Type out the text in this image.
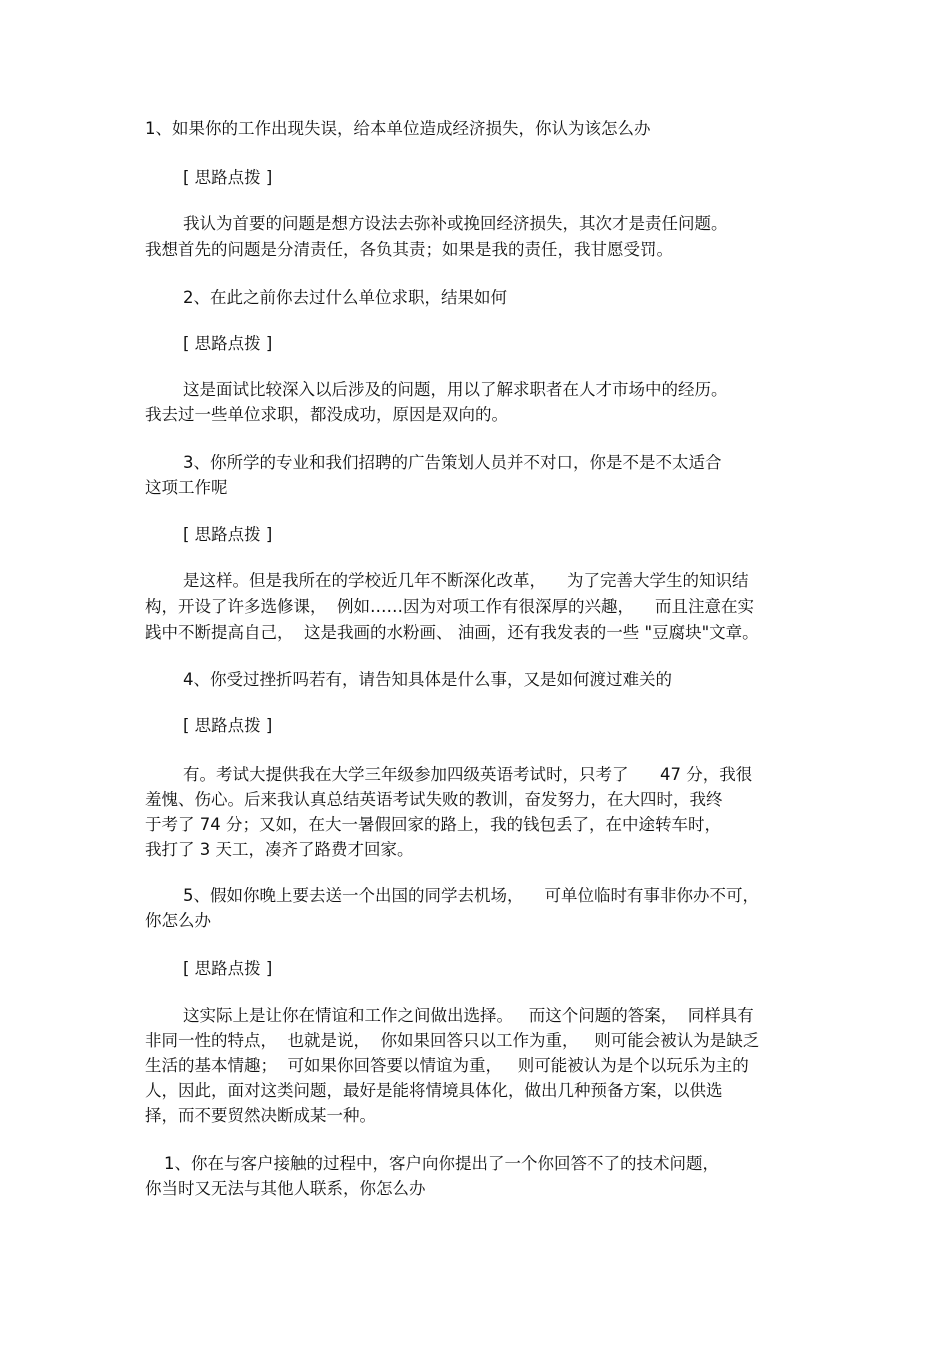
1、如果你的工作出现失误，给本单位造成经济损失，你认为该怎么办
[ 思路点拨 ]
我认为首要的问题是想方设法去弥补或挽回经济损失，其次才是责任问题。
我想首先的问题是分清责任，各负其责；如果是我的责任，我甘愿受罚。
2、在此之前你去过什么单位求职，结果如何
[ 思路点拨 ]
这是面试比较深入以后涉及的问题，用以了解求职者在人才市场中的经历。
我去过一些单位求职，都没成功，原因是双向的。
3、你所学的专业和我们招聘的广告策划人员并不对口，你是不是不太适合
这项工作呢
[ 思路点拨 ]
是这样。但是我所在的学校近几年不断深化改革，    为了完善大学生的知识结
构，开设了许多选修课，  例如……因为对项工作有很深厚的兴趣，    而且注意在实
践中不断提高自己，  这是我画的水粉画、 油画，还有我发表的一些 "豆腐块"文章。
4、你受过挫折吗若有，请告知具体是什么事，又是如何渡过难关的
[ 思路点拨 ]
有。考试大提供我在大学三年级参加四级英语考试时，只考了      47 分，我很
羞愧、伤心。后来我认真总结英语考试失败的教训，奋发努力，在大四时，我终
于考了 74 分；又如，在大一暑假回家的路上，我的钱包丢了，在中途转车时，
我打了 3 天工，凑齐了路费才回家。
5、假如你晚上要去送一个出国的同学去机场，    可单位临时有事非你办不可，
你怎么办
[ 思路点拨 ]
这实际上是让你在情谊和工作之间做出选择。   而这个问题的答案，  同样具有
非同一性的特点，  也就是说，  你如果回答只以工作为重，   则可能会被认为是缺乏
生活的基本情趣；  可如果你回答要以情谊为重，   则可能被认为是个以玩乐为主的
人，因此，面对这类问题，最好是能将情境具体化，做出几种预备方案，以供选
择，而不要贸然决断成某一种。
1、你在与客户接触的过程中，客户向你提出了一个你回答不了的技术问题，
你当时又无法与其他人联系，你怎么办
